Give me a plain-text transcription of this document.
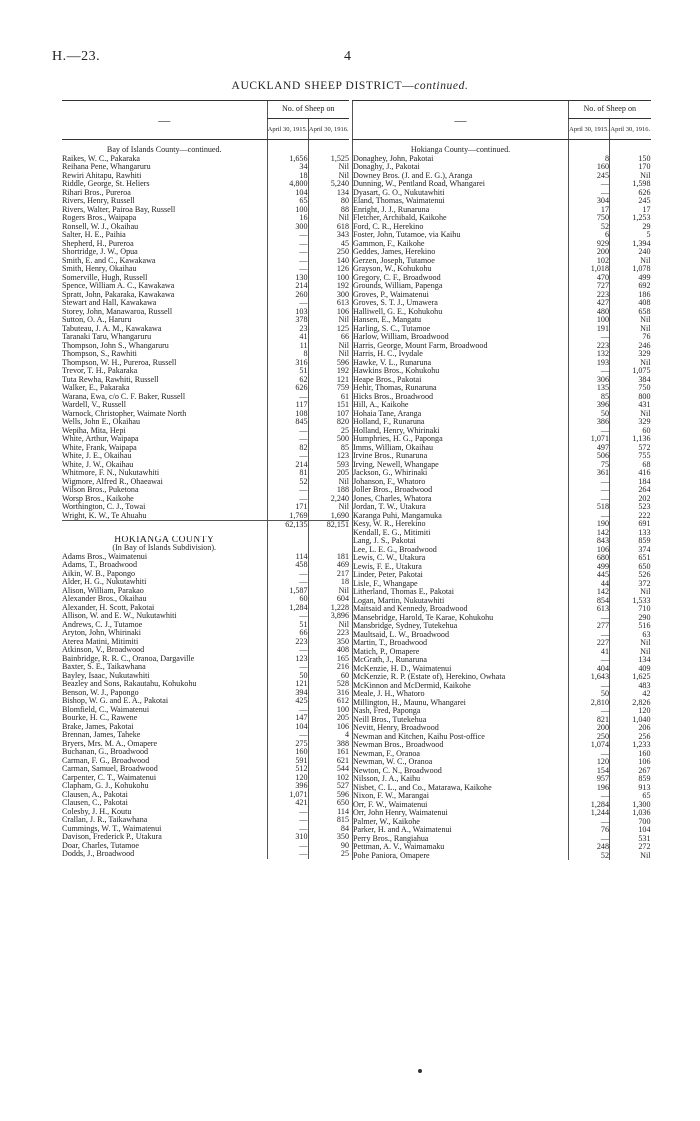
H.—23.	4
AUCKLAND SHEEP DISTRICT—continued.
—	No. of Sheep on	
	April 30, 1915.	April 30, 1916.

Bay of Islands County—continued.		
Raikes, W. C., Pakaraka	1,656	1,525
Reihana Pene, Whangaruru	34	Nil
Rewiri Ahitapu, Rawhiti	18	Nil
Riddle, George, St. Heliers	4,800	5,240
Rihari Bros., Pureroa	104	134
Rivers, Henry, Russell	65	80
Rivers, Walter, Pairoa Bay, Russell	100	88
Rogers Bros., Waipapa	16	Nil
Ronsell, W. J., Okaihau	300	618
Salter, H. E., Paihia	—	343
Shepherd, H., Pureroa	—	45
Shortridge, J. W., Opua	—	250
Smith, E. and C., Kawakawa	—	140
Smith, Henry, Okaihau	—	126
Somerville, Hugh, Russell	130	100
Spence, William A. C., Kawakawa	214	192
Spratt, John, Pakaraka, Kawakawa	260	300
Stewart and Hall, Kawakawa	—	613
Storey, John, Manawaroa, Russell	103	106
Sutton, O. A., Haruru	378	Nil
Tabuteau, J. A. M., Kawakawa	23	125
Taranaki Taru, Whangaruru	41	66
Thompson, John S., Whangaruru	11	Nil
Thompson, S., Rawhiti	8	Nil
Thompson, W. H., Pureroa, Russell	316	596
Trevor, T. H., Pakaraka	51	192
Tuta Rewha, Rawhiti, Russell	62	121
Walker, E., Pakaraka	626	759
Warana, Ewa, c/o C. F. Baker, Russell	—	61
Wardell, V., Russell	117	151
Warnock, Christopher, Waimate North	108	107
Wells, John E., Okaihau	845	820
Wepiha, Mita, Hepi	—	25
White, Arthur, Waipapa	—	500
White, Frank, Waipapa	82	85
White, J. E., Okaihau	—	123
White, J. W., Okaihau	214	593
Whitmore, F. N., Nukutawhiti	81	205
Wigmore, Alfred R., Ohaeawai	52	Nil
Wilson Bros., Puketona	—	188
Worsp Bros., Kaikohe	—	2,240
Worthington, C. J., Towai	171	Nil
Wright, K. W., Te Ahuahu	1,769	1,690
	62,135	82,151

HOKIANGA COUNTY		
(In Bay of Islands Subdivision).		
Adams Bros., Waimatenui	114	181
Adams, T., Broadwood	458	469
Aikin, W. B., Papongo	—	217
Alder, H. G., Nukutawhiti	—	18
Alison, William, Parakao	1,587	Nil
Alexander Bros., Okaihau	60	604
Alexander, H. Scott, Pakotai	1,284	1,228
Allison, W. and E. W., Nukutawhiti	—	3,896
Andrews, C. J., Tutamoe	51	Nil
Aryton, John, Whirinaki	66	223
Atereа Matini, Mitimiti	223	350
Atkinson, V., Broadwood	—	408
Bainbridge, R. R. C., Oranoa, Dargaville	123	165
Baxter, S. E., Taikawhana	—	216
Bayley, Isaac, Nukutawhiti	50	60
Beazley and Sons, Rakautahu, Kohukohu	121	528
Benson, W. J., Papongo	394	316
Bishop, W. G. and E. A., Pakotai	425	612
Blomfield, C., Waimatenui	—	100
Bourke, H. C., Rawene	147	205
Brake, James, Pakotai	104	106
Brennan, James, Taheke	—	4
Bryers, Mrs. M. A., Omapere	275	388
Buchanan, G., Broadwood	160	161
Carman, F. G., Broadwood	591	621
Carman, Samuel, Broadwood	512	544
Carpenter, C. T., Waimatenui	120	102
Clapham, G. J., Kohukohu	396	527
Clausen, A., Pakotai	1,071	596
Clausen, C., Pakotai	421	650
Colesby, J. H., Koutu	—	114
Crallan, J. R., Taikawhana	—	815
Cummings, W. T., Waimatenui	—	84
Davison, Frederick P., Utakura	310	350
Doar, Charles, Tutamoe	—	90
Dodds, J., Broadwood	—	25
—	No. of Sheep on	
	April 30, 1915.	April 30, 1916.

Hokianga County—continued.		
Donaghey, John, Pakotai	8	150
Donaghy, J., Pakotai	160	170
Downey Bros. (J. and E. G.), Aranga	245	Nil
Dunning, W., Pentland Road, Whangarei	—	1,598
Dyasart, G. O., Nukutawhiti	—	626
Eland, Thomas, Waimatenui	304	245
Enright, J. J., Runaruna	17	17
Fletcher, Archibald, Kaikohe	750	1,253
Ford, C. R., Herekino	52	29
Foster, John, Tutamoe, via Kaihu	6	5
Gammon, F., Kaikohe	929	1,394
Geddes, James, Herekino	200	240
Gerzen, Joseph, Tutamoe	102	Nil
Grayson, W., Kohukohu	1,018	1,078
Gregory, C. F., Broadwood	470	499
Grounds, William, Papenga	727	692
Groves, P., Waimatenui	223	186
Groves, S. T. J., Umawera	427	408
Halliwell, G. E., Kohukohu	480	658
Hansen, E., Mangatu	100	Nil
Harling, S. C., Tutamoe	191	Nil
Harlow, William, Broadwood	—	76
Harris, George, Mount Farm, Broadwood	223	246
Harris, H. C., Ivydale	132	329
Hawke, V. L., Runaruna	193	Nil
Hawkins Bros., Kohukohu	—	1,075
Heape Bros., Pakotai	306	384
Hehir, Thomas, Runaruna	135	750
Hicks Bros., Broadwood	85	800
Hill, A., Kaikohe	396	431
Hohaia Tane, Aranga	50	Nil
Holland, F., Runaruna	386	329
Holland, Henry, Whirinaki	—	60
Humphries, H. G., Paponga	1,071	1,136
Imms, William, Okaihau	497	572
Irvine Bros., Runaruna	506	755
Irving, Newell, Whangape	75	68
Jackson, G., Whirinaki	361	416
Johanson, F., Whatoro	—	184
Joller Bros., Broadwood	—	264
Jones, Charles, Whatora	—	202
Jordan, T. W., Utakura	518	523
Karanga Puhi, Mangamuka	—	222
Kesy, W. R., Herekino	190	691
Kendall, E. G., Mitimiti	142	133
Lang, J. S., Pakotai	843	859
Lee, L. E. G., Broadwood	106	374
Lewis, C. W., Utakura	680	651
Lewis, F. E., Utakura	499	650
Linder, Peter, Pakotai	445	526
Lisle, F., Whangape	44	372
Litherland, Thomas E., Pakotai	142	Nil
Logan, Martin, Nukutawhiti	854	1,533
Maitsaid and Kennedy, Broadwood	613	710
Mansebridge, Harold, Te Karae, Kohukohu	—	290
Mansbridge, Sydney, Tutekehua	277	516
Maultsaid, L. W., Broadwood	—	63
Martin, T., Broadwood	227	Nil
Matich, P., Omapere	41	Nil
McGrath, J., Runaruna	—	134
McKenzie, H. D., Waimatenui	404	409
McKenzie, R. P. (Estate of), Herekino, Owhata	1,643	1,625
McKinnon and McDermid, Kaikohe	—	483
Meale, J. H., Whatoro	50	42
Millington, H., Maunu, Whangarei	2,810	2,826
Nash, Fred, Paponga	—	120
Neill Bros., Tutekehua	821	1,040
Nevitt, Henry, Broadwood	200	206
Newman and Kitchen, Kaihu Post-office	250	256
Newman Bros., Broadwood	1,074	1,233
Newman, F., Oranoa	—	160
Newman, W. C., Oranoa	120	106
Newton, C. N., Broadwood	154	267
Nilsson, J. A., Kaihu	957	859
Nisbet, C. L., and Co., Matarawa, Kaikohe	196	913
Nixon, F. W., Marangai	—	65
Orr, F. W., Waimatenui	1,284	1,300
Orr, John Henry, Waimatenui	1,244	1,036
Palmer, W., Kaikohe	—	700
Parker, H. and A., Waimatenui	76	104
Perry Bros., Rangiahua	—	531
Pettman, A. V., Waimamaku	248	272
Pohe Paniora, Omapere	52	Nil
